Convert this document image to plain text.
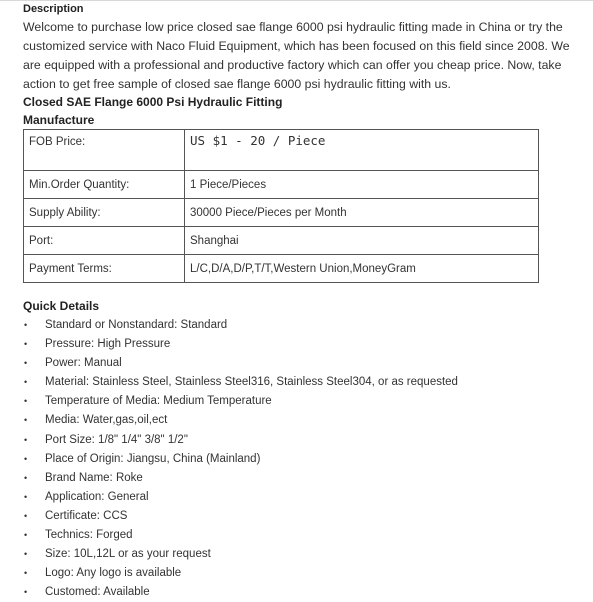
Description

Welcome to purchase low price closed sae flange 6000 psi hydraulic fitting made in China or try the customized service with Naco Fluid Equipment, which has been focused on this field since 2008. We are equipped with a professional and productive factory which can offer you cheap price. Now, take action to get free sample of closed sae flange 6000 psi hydraulic fitting with us.

Closed SAE Flange 6000 Psi Hydraulic Fitting
Manufacture
FOB Price:	US $1 - 20 / Piece
Min.Order Quantity:	1 Piece/Pieces
Supply Ability:	30000 Piece/Pieces per Month
Port:	Shanghai
Payment Terms:	L/C,D/A,D/P,T/T,Western Union,MoneyGram
Quick Details
• Standard or Nonstandard: Standard
• Pressure: High Pressure
• Power: Manual
• Material: Stainless Steel, Stainless Steel316, Stainless Steel304, or as requested
• Temperature of Media: Medium Temperature
• Media: Water,gas,oil,ect
• Port Size: 1/8" 1/4" 3/8" 1/2"
• Place of Origin: Jiangsu, China (Mainland)
• Brand Name: Roke
• Application: General
• Certificate: CCS
• Technics: Forged
• Size: 10L,12L or as your request
• Logo: Any logo is available
• Customed: Available
